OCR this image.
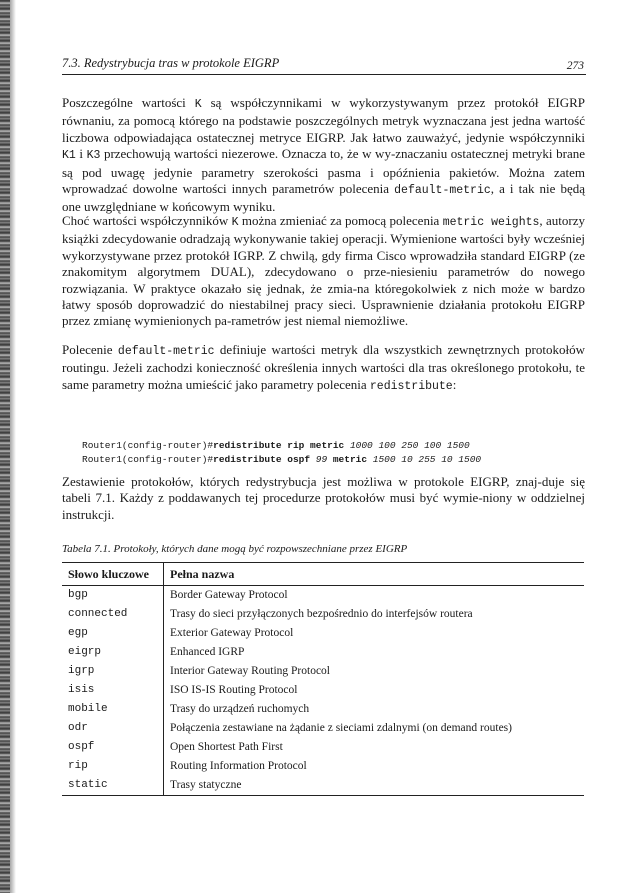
7.3. Redystrybucja tras w protokole EIGRP	273

Poszczególne wartości K są współczynnikami w wykorzystywanym przez protokół EIGRP równaniu, za pomocą którego na podstawie poszczególnych metryk wyznaczana jest jedna wartość liczbowa odpowiadająca ostatecznej metryce EIGRP. Jak łatwo zauważyć, jedynie współczynniki K1 i K3 przechowują wartości niezerowe. Oznacza to, że w wy-znaczaniu ostatecznej metryki brane są pod uwagę jedynie parametry szerokości pasma i opóźnienia pakietów. Można zatem wprowadzać dowolne wartości innych parametrów polecenia default-metric, a i tak nie będą one uwzględniane w końcowym wyniku.

Choć wartości współczynników K można zmieniać za pomocą polecenia metric weights, autorzy książki zdecydowanie odradzają wykonywanie takiej operacji. Wymienione wartości były wcześniej wykorzystywane przez protokół IGRP. Z chwilą, gdy firma Cisco wprowadziła standard EIGRP (ze znakomitym algorytmem DUAL), zdecydowano o prze-niesieniu parametrów do nowego rozwiązania. W praktyce okazało się jednak, że zmia-na któregokolwiek z nich może w bardzo łatwy sposób doprowadzić do niestabilnej pracy sieci. Usprawnienie działania protokołu EIGRP przez zmianę wymienionych pa-rametrów jest niemal niemożliwe.

Polecenie default-metric definiuje wartości metryk dla wszystkich zewnętrznych protokołów routingu. Jeżeli zachodzi konieczność określenia innych wartości dla tras określonego protokołu, te same parametry można umieścić jako parametry polecenia redistribute:

Router1(config-router)#redistribute rip metric 1000 100 250 100 1500
Router1(config-router)#redistribute ospf 99 metric 1500 10 255 10 1500

Zestawienie protokołów, których redystrybucja jest możliwa w protokole EIGRP, znaj-duje się tabeli 7.1. Każdy z poddawanych tej procedurze protokołów musi być wymie-niony w oddzielnej instrukcji.

Tabela 7.1. Protokoły, których dane mogą być rozpowszechniane przez EIGRP
Słowo kluczowe	Pełna nazwa
bgp	Border Gateway Protocol
connected	Trasy do sieci przyłączonych bezpośrednio do interfejsów routera
egp	Exterior Gateway Protocol
eigrp	Enhanced IGRP
igrp	Interior Gateway Routing Protocol
isis	ISO IS-IS Routing Protocol
mobile	Trasy do urządzeń ruchomych
odr	Połączenia zestawiane na żądanie z sieciami zdalnymi (on demand routes)
ospf	Open Shortest Path First
rip	Routing Information Protocol
static	Trasy statyczne
